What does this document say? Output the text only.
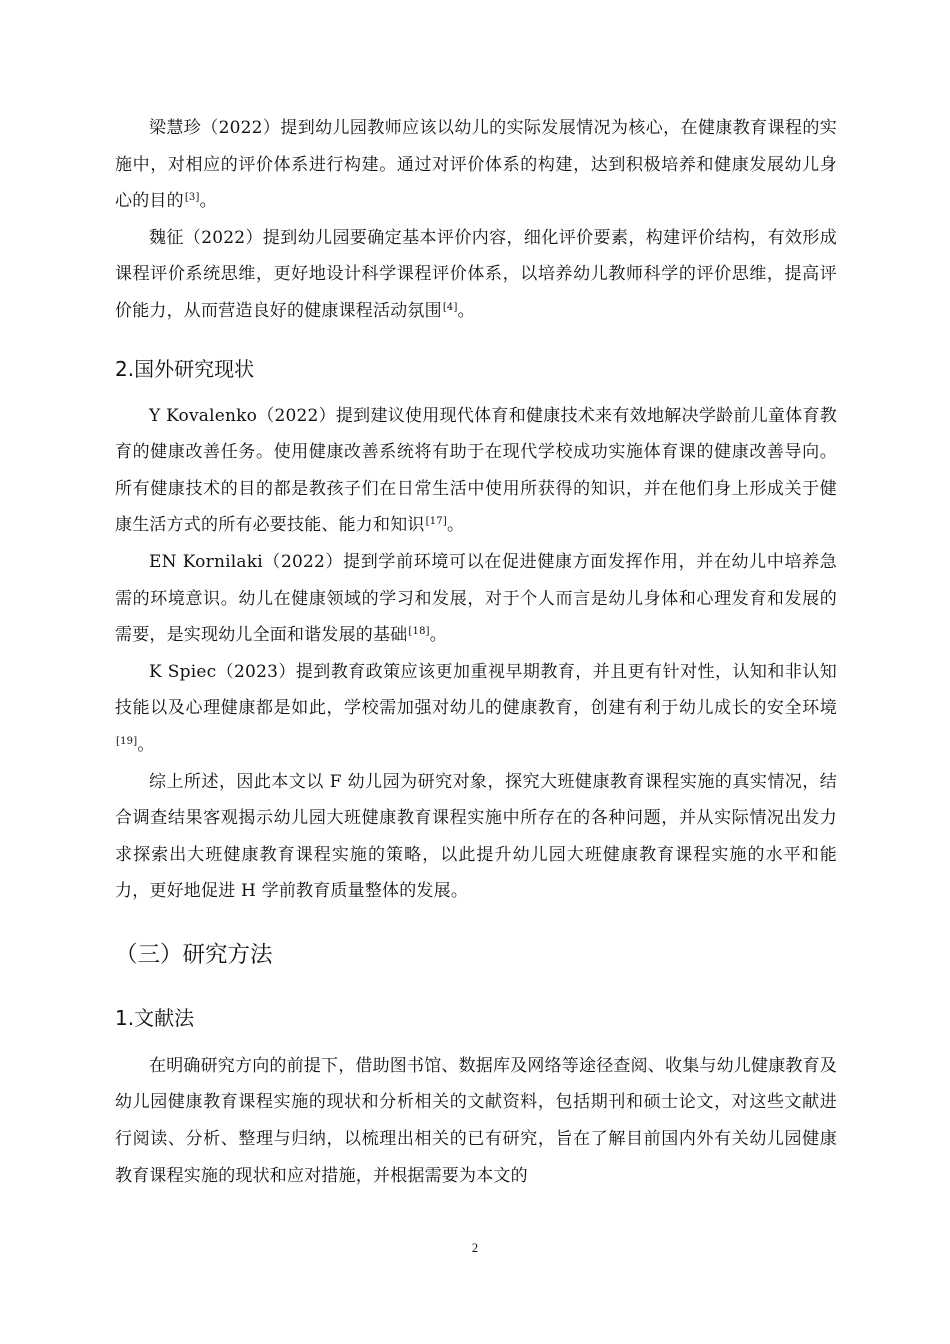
梁慧珍（2022）提到幼儿园教师应该以幼儿的实际发展情况为核心，在健康教育课程的实施中，对相应的评价体系进行构建。通过对评价体系的构建，达到积极培养和健康发展幼儿身心的目的[3]。

魏征（2022）提到幼儿园要确定基本评价内容，细化评价要素，构建评价结构，有效形成课程评价系统思维，更好地设计科学课程评价体系，以培养幼儿教师科学的评价思维，提高评价能力，从而营造良好的健康课程活动氛围[4]。

2.国外研究现状

Y Kovalenko（2022）提到建议使用现代体育和健康技术来有效地解决学龄前儿童体育教育的健康改善任务。使用健康改善系统将有助于在现代学校成功实施体育课的健康改善导向。所有健康技术的目的都是教孩子们在日常生活中使用所获得的知识，并在他们身上形成关于健康生活方式的所有必要技能、能力和知识[17]。

EN Kornilaki（2022）提到学前环境可以在促进健康方面发挥作用，并在幼儿中培养急需的环境意识。幼儿在健康领域的学习和发展，对于个人而言是幼儿身体和心理发育和发展的需要，是实现幼儿全面和谐发展的基础[18]。

K Spiec（2023）提到教育政策应该更加重视早期教育，并且更有针对性，认知和非认知技能以及心理健康都是如此，学校需加强对幼儿的健康教育，创建有利于幼儿成长的安全环境[19]。

综上所述，因此本文以 F 幼儿园为研究对象，探究大班健康教育课程实施的真实情况，结合调查结果客观揭示幼儿园大班健康教育课程实施中所存在的各种问题，并从实际情况出发力求探索出大班健康教育课程实施的策略，以此提升幼儿园大班健康教育课程实施的水平和能力，更好地促进 H 学前教育质量整体的发展。

（三）研究方法
1.文献法

在明确研究方向的前提下，借助图书馆、数据库及网络等途径查阅、收集与幼儿健康教育及幼儿园健康教育课程实施的现状和分析相关的文献资料，包括期刊和硕士论文，对这些文献进行阅读、分析、整理与归纳，以梳理出相关的已有研究，旨在了解目前国内外有关幼儿园健康教育课程实施的现状和应对措施，并根据需要为本文的

2
